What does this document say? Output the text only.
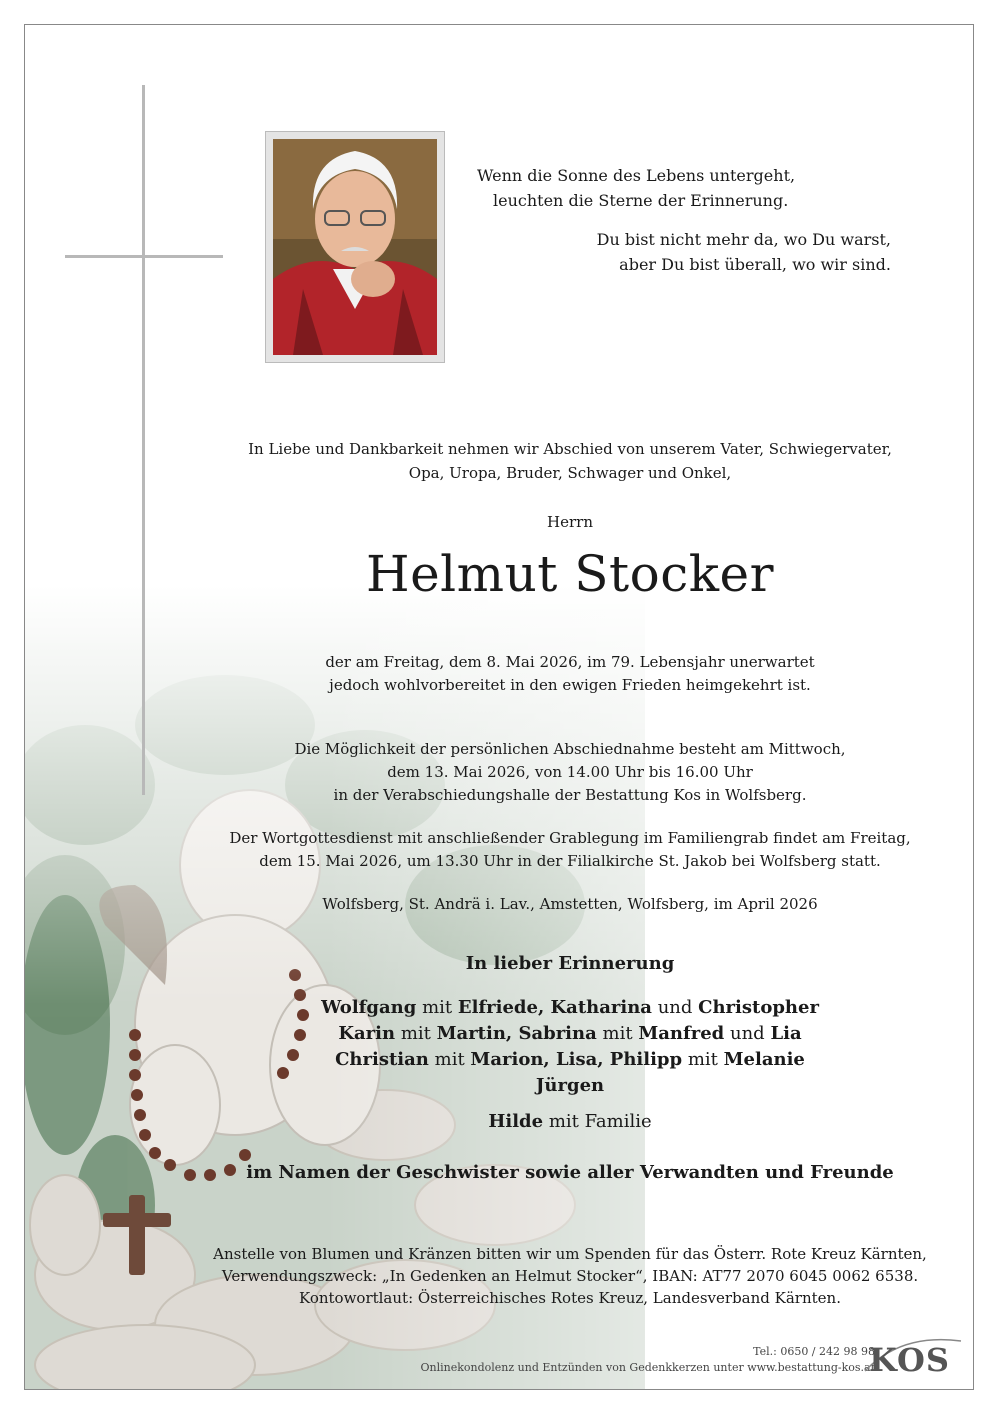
Wenn die Sonne des Lebens untergeht,
leuchten die Sterne der Erinnerung.
Du bist nicht mehr da, wo Du warst,
aber Du bist überall, wo wir sind.
In Liebe und Dankbarkeit nehmen wir Abschied von unserem Vater, Schwiegervater,
Opa, Uropa, Bruder, Schwager und Onkel,
Herrn
Helmut Stocker
der am Freitag, dem 8. Mai 2026, im 79. Lebensjahr unerwartet
jedoch wohlvorbereitet in den ewigen Frieden heimgekehrt ist.
Die Möglichkeit der persönlichen Abschiednahme besteht am Mittwoch,
dem 13. Mai 2026, von 14.00 Uhr bis 16.00 Uhr
in der Verabschiedungshalle der Bestattung Kos in Wolfsberg.
Der Wortgottesdienst mit anschließender Grablegung im Familiengrab findet am Freitag,
dem 15. Mai 2026, um 13.30 Uhr in der Filialkirche St. Jakob bei Wolfsberg statt.
Wolfsberg, St. Andrä i. Lav., Amstetten, Wolfsberg, im April 2026
In lieber Erinnerung
Wolfgang mit Elfriede, Katharina und Christopher
Karin mit Martin, Sabrina mit Manfred und Lia
Christian mit Marion, Lisa, Philipp mit Melanie
Jürgen
Hilde mit Familie
im Namen der Geschwister sowie aller Verwandten und Freunde
Anstelle von Blumen und Kränzen bitten wir um Spenden für das Österr. Rote Kreuz Kärnten,
Verwendungszweck: „In Gedenken an Helmut Stocker“, IBAN: AT77 2070 6045 0062 6538.
Kontowortlaut: Österreichisches Rotes Kreuz, Landesverband Kärnten.
Tel.: 0650 / 242 98 98
Onlinekondolenz und Entzünden von Gedenkkerzen unter www.bestattung-kos.at
KOS
